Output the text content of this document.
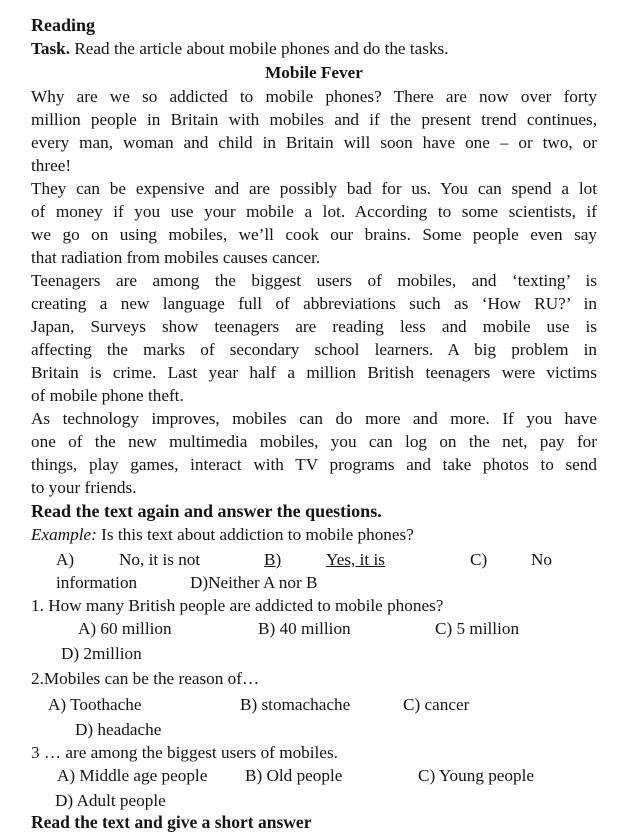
Reading
Task. Read the article about mobile phones and do the tasks.
Mobile Fever
Why are we so addicted to mobile phones? There are now over forty
million people in Britain with mobiles and if the present trend continues,
every man, woman and child in Britain will soon have one – or two, or
three!
They can be expensive and are possibly bad for us. You can spend a lot
of money if you use your mobile a lot. According to some scientists, if
we go on using mobiles, we’ll cook our brains. Some people even say
that radiation from mobiles causes cancer.
Teenagers are among the biggest users of mobiles, and ‘texting’ is
creating a new language full of abbreviations such as ‘How RU?’ in
Japan, Surveys show teenagers are reading less and mobile use is
affecting the marks of secondary school learners. A big problem in
Britain is crime. Last year half a million British teenagers were victims
of mobile phone theft.
As technology improves, mobiles can do more and more. If you have
one of the new multimedia mobiles, you can log on the net, pay for
things, play games, interact with TV programs and take photos to send
to your friends.
Read the text again and answer the questions.
Example: Is this text about addiction to mobile phones?
A)	No, it is not	B)	Yes, it is	C)	No
information	D)Neither A nor B
1. How many British people are addicted to mobile phones?
A) 60 million	B) 40 million	C) 5 million
D) 2million
2.Mobiles can be the reason of…
A) Toothache	B) stomachache	C) cancer
D) headache
3 … are among the biggest users of mobiles.
A) Middle age people B) Old people	C) Young people
D) Adult people
Read the text and give a short answer
